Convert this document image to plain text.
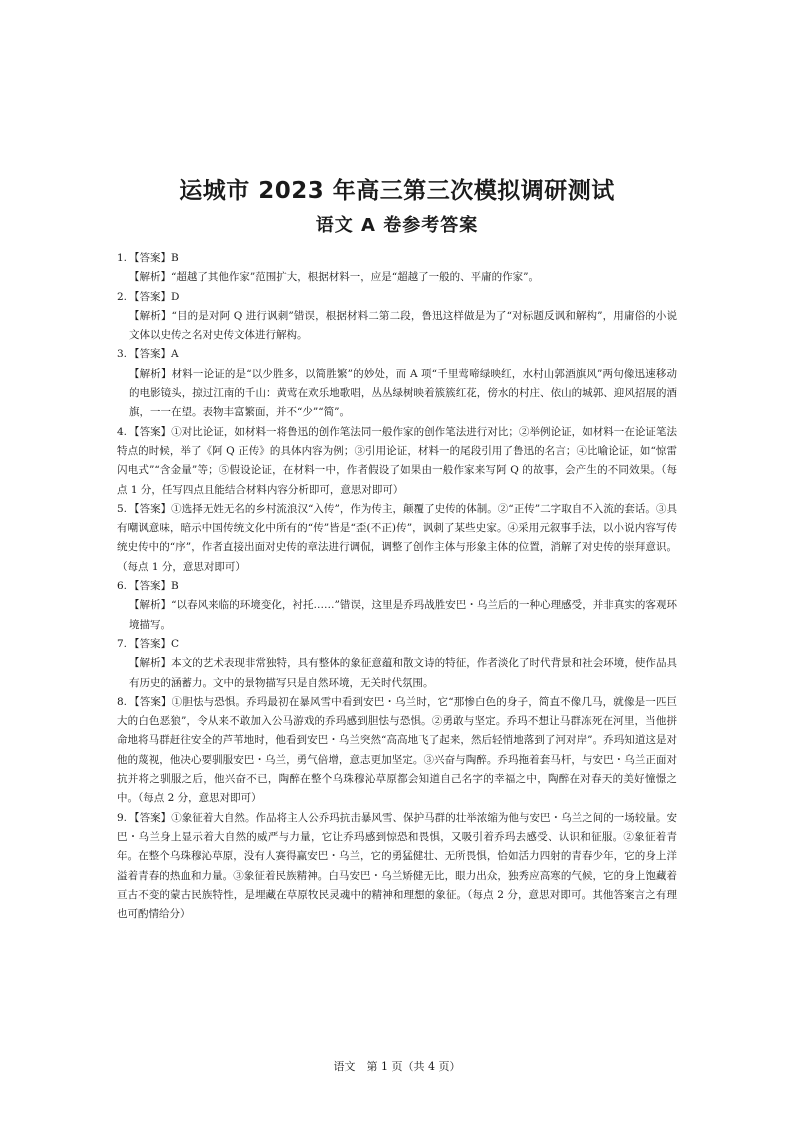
运城市 2023 年高三第三次模拟调研测试
语文 A 卷参考答案
1. 【答案】B
【解析】“超越了其他作家”范围扩大，根据材料一，应是“超越了一般的、平庸的作家”。
2. 【答案】D
【解析】“目的是对阿 Q 进行讽刺”错误，根据材料二第二段，鲁迅这样做是为了“对标题反讽和解构”，用庸俗的小说文体以史传之名对史传文体进行解构。
3. 【答案】A
【解析】材料一论证的是“以少胜多，以简胜繁”的妙处，而 A 项“千里莺啼绿映红，水村山郭酒旗风”两句像迅速移动的电影镜头，掠过江南的千山：黄莺在欢乐地歌唱，丛丛绿树映着簇簇红花，傍水的村庄、依山的城郭、迎风招展的酒旗，一一在望。表物丰富繁面，并不“少”“简”。
4. 【答案】①对比论证，如材料一将鲁迅的创作笔法同一般作家的创作笔法进行对比；②举例论证，如材料一在论证笔法特点的时候，举了《阿 Q 正传》的具体内容为例；③引用论证，材料一的尾段引用了鲁迅的名言；④比喻论证，如“惊雷闪电式”“含金量”等；⑤假设论证，在材料一中，作者假设了如果由一般作家来写阿 Q 的故事，会产生的不同效果。（每点 1 分，任写四点且能结合材料内容分析即可，意思对即可）
5. 【答案】①选择无姓无名的乡村流浪汉“入传”，作为传主，颠覆了史传的体制。②“正传”二字取自不入流的套话。③具有嘲讽意味，暗示中国传统文化中所有的“传”皆是“歪(不正)传”，讽刺了某些史家。④采用元叙事手法，以小说内容写传统史传中的“序”，作者直接出面对史传的章法进行调侃，调整了创作主体与形象主体的位置，消解了对史传的崇拜意识。（每点 1 分，意思对即可）
6. 【答案】B
【解析】“以春风来临的环境变化，衬托……”错误，这里是乔玛战胜安巴・乌兰后的一种心理感受，并非真实的客观环境描写。
7. 【答案】C
【解析】本文的艺术表现非常独特，具有整体的象征意蕴和散文诗的特征，作者淡化了时代背景和社会环境，使作品具有历史的涵蓄力。文中的景物描写只是自然环境，无关时代氛围。
8. 【答案】①胆怯与恐惧。乔玛最初在暴风雪中看到安巴・乌兰时，它“那惨白色的身子，简直不像几马，就像是一匹巨大的白色恶狼”，令从来不敢加入公马游戏的乔玛感到胆怯与恐惧。②勇敢与坚定。乔玛不想让马群冻死在河里，当他拼命地将马群赶往安全的芦苇地时，他看到安巴・乌兰突然“高高地飞了起来，然后轻悄地落到了河对岸”。乔玛知道这是对他的蔑视，他决心要驯服安巴・乌兰，勇气倍增，意志更加坚定。③兴奋与陶醉。乔玛拖着套马杆，与安巴・乌兰正面对抗并将之驯服之后，他兴奋不已，陶醉在整个乌珠穆沁草原都会知道自己名字的幸福之中，陶醉在对春天的美好憧憬之中。（每点 2 分，意思对即可）
9. 【答案】①象征着大自然。作品将主人公乔玛抗击暴风雪、保护马群的壮举浓缩为他与安巴・乌兰之间的一场较量。安巴・乌兰身上显示着大自然的威严与力量，它让乔玛感到惊恐和畏惧，又吸引着乔玛去感受、认识和征服。②象征着青年。在整个乌珠穆沁草原，没有人赛得赢安巴・乌兰，它的勇猛健壮、无所畏惧，恰如活力四射的青春少年，它的身上洋溢着青春的热血和力量。③象征着民族精神。白马安巴・乌兰矫健无比，眼力出众，独秀应高寒的气候，它的身上饱藏着亘古不变的蒙古民族特性，是埋藏在草原牧民灵魂中的精神和理想的象征。（每点 2 分，意思对即可。其他答案言之有理也可酌情给分）
语文　第 1 页（共 4 页）
